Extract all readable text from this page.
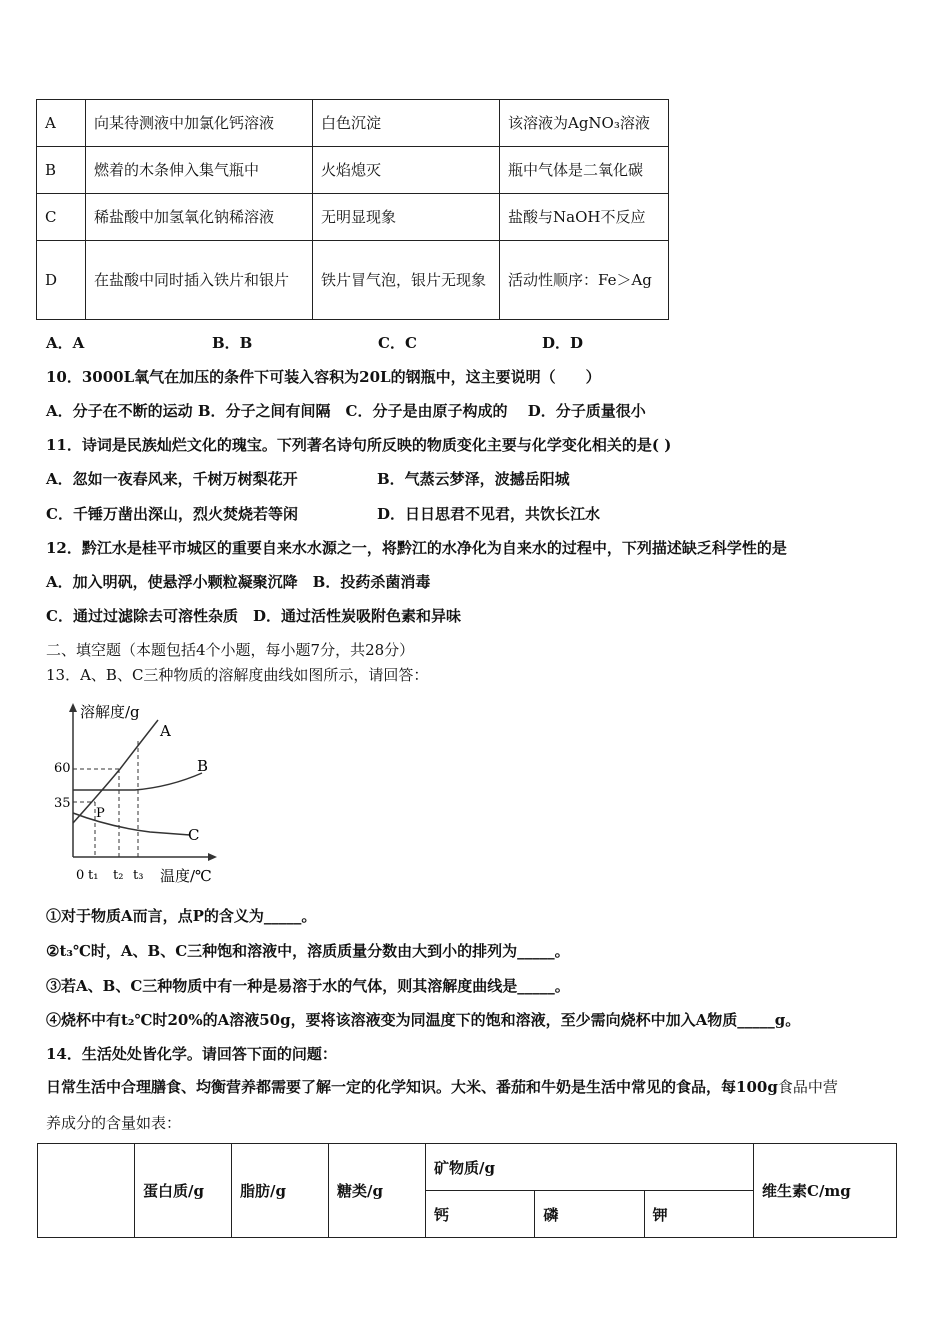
A	向某待测液中加氯化钙溶液	白色沉淀	该溶液为AgNO₃溶液
B	燃着的木条伸入集气瓶中	火焰熄灭	瓶中气体是二氧化碳
C	稀盐酸中加氢氧化钠稀溶液	无明显现象	盐酸与NaOH不反应
D	在盐酸中同时插入铁片和银片	铁片冒气泡，银片无现象	活动性顺序：Fe＞Ag
A．A	B．B	C．C	D．D
10．3000L氧气在加压的条件下可装入容积为20L的钢瓶中，这主要说明（　　）
A．分子在不断的运动 B．分子之间有间隔　C．分子是由原子构成的　 D．分子质量很小
11．诗词是民族灿烂文化的瑰宝。下列著名诗句所反映的物质变化主要与化学变化相关的是( )
A．忽如一夜春风来，千树万树梨花开	B．气蒸云梦泽，波撼岳阳城
C．千锤万凿出深山，烈火焚烧若等闲	D．日日思君不见君，共饮长江水
12．黔江水是桂平市城区的重要自来水水源之一，将黔江的水净化为自来水的过程中，下列描述缺乏科学性的是
A．加入明矾，使悬浮小颗粒凝聚沉降　B．投药杀菌消毒
C．通过过滤除去可溶性杂质　D．通过活性炭吸附色素和异味
二、填空题（本题包括4个小题，每小题7分，共28分）
13．A、B、C三种物质的溶解度曲线如图所示，请回答：
溶解度/g
温度/℃
60
35
0 t₁ t₂ t₃
A
B
C
P
①对于物质A而言，点P的含义为_____。
②t₃℃时，A、B、C三种饱和溶液中，溶质质量分数由大到小的排列为_____。
③若A、B、C三种物质中有一种是易溶于水的气体，则其溶解度曲线是_____。
④烧杯中有t₂℃时20%的A溶液50g，要将该溶液变为同温度下的饱和溶液，至少需向烧杯中加入A物质_____g。
14．生活处处皆化学。请回答下面的问题：
日常生活中合理膳食、均衡营养都需要了解一定的化学知识。大米、番茄和牛奶是生活中常见的食品，每100g食品中营
养成分的含量如表：
	蛋白质/g	脂肪/g	糖类/g	矿物质/g			维生素C/mg
				钙	磷	钾	
